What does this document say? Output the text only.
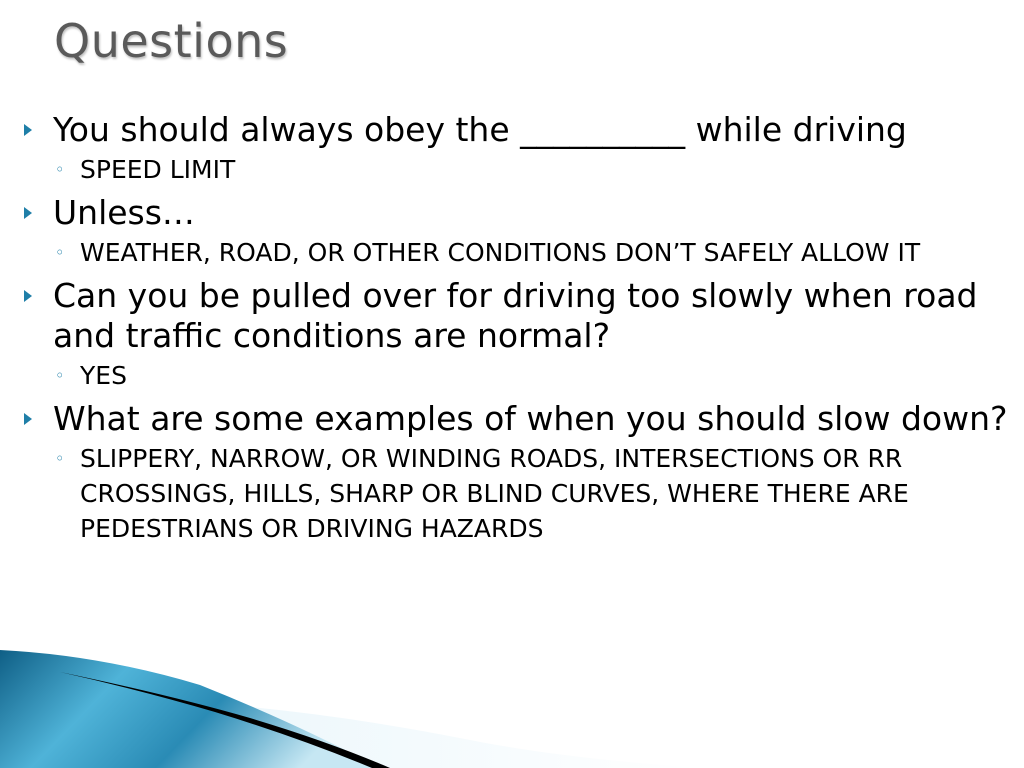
Questions
You should always obey the __________ while driving
◦ SPEED LIMIT
Unless…
◦ WEATHER, ROAD, OR OTHER CONDITIONS DON’T SAFELY ALLOW IT
Can you be pulled over for driving too slowly when road and traffic conditions are normal?
◦ YES
What are some examples of when you should slow down?
◦ SLIPPERY, NARROW, OR WINDING ROADS, INTERSECTIONS OR RR CROSSINGS, HILLS, SHARP OR BLIND CURVES, WHERE THERE ARE PEDESTRIANS OR DRIVING HAZARDS
